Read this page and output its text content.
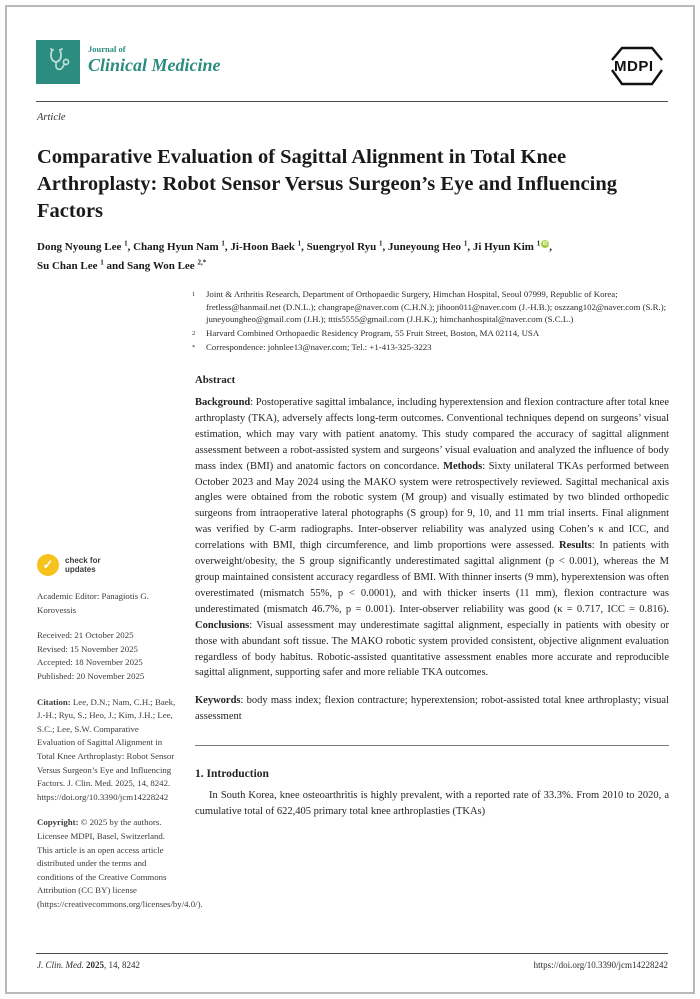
Journal of
Clinical Medicine	MDPI
Article
Comparative Evaluation of Sagittal Alignment in Total Knee Arthroplasty: Robot Sensor Versus Surgeon’s Eye and Influencing Factors

Dong Nyoung Lee $^1$, Chang Hyun Nam $^1$, Ji-Hoon Baek $^1$, Suengryol Ryu $^1$, Juneyoung Heo $^1$, Ji Hyun Kim $^1$ iD ,
Su Chan Lee $^1$ and Sang Won Lee $^{2,*}$

1	Joint & Arthritis Research, Department of Orthopaedic Surgery, Himchan Hospital, Seoul 07999, Republic of Korea; fretless@hanmail.net (D.N.L.); changrape@naver.com (C.H.N.); jihoon011@naver.com (J.-H.B.); oszzang102@naver.com (S.R.); juneyoungheo@gmail.com (J.H.); tttis5555@gmail.com (J.H.K.); himchanhospital@naver.com (S.C.L.)
2	Harvard Combined Orthopaedic Residency Program, 55 Fruit Street, Boston, MA 02114, USA
*	Correspondence: johnlee13@naver.com; Tel.: +1-413-325-3223

Abstract

Background: Postoperative sagittal imbalance, including hyperextension and flexion contracture after total knee arthroplasty (TKA), adversely affects long-term outcomes. Conventional techniques depend on surgeons’ visual estimation, which may vary with patient anatomy. This study compared the accuracy of sagittal alignment assessment between a robot-assisted system and surgeons’ visual evaluation and analyzed the influence of body mass index (BMI) and anatomic factors on concordance. Methods: Sixty unilateral TKAs performed between October 2023 and May 2024 using the MAKO system were retrospectively reviewed. Sagittal mechanical axis angles were obtained from the robotic system (M group) and visually estimated by two blinded orthopedic surgeons from intraoperative lateral photographs (S group) for 9, 10, and 11 mm trial inserts. Final alignment was verified by C-arm radiographs. Inter-observer reliability was analyzed using Cohen’s κ and ICC, and correlations with BMI, thigh circumference, and limb proportions were assessed. Results: In patients with overweight/obesity, the S group significantly underestimated sagittal alignment (p < 0.001), whereas the M group maintained consistent accuracy regardless of BMI. With thinner inserts (9 mm), hyperextension was often overestimated (mismatch 55%, p < 0.0001), and with thicker inserts (11 mm), flexion contracture was underestimated (mismatch 46.7%, p = 0.001). Inter-observer reliability was good (κ = 0.717, ICC = 0.816). Conclusions: Visual assessment may underestimate sagittal alignment, especially in patients with obesity or those with abundant soft tissue. The MAKO robotic system provided consistent, objective alignment evaluation regardless of body habitus. Robotic-assisted quantitative assessment enables more accurate and reproducible sagittal alignment, supporting safer and more reliable TKA outcomes.

Keywords: body mass index; flexion contracture; hyperextension; robot-assisted total knee arthroplasty; visual assessment

1. Introduction

In South Korea, knee osteoarthritis is highly prevalent, with a reported rate of 33.3%. From 2010 to 2020, a cumulative total of 622,405 primary total knee arthroplasties (TKAs)

✓	check for
updates
Academic Editor: Panagiotis G. Korovessis
Received: 21 October 2025
Revised: 15 November 2025
Accepted: 18 November 2025
Published: 20 November 2025
Citation: Lee, D.N.; Nam, C.H.; Baek, J.-H.; Ryu, S.; Heo, J.; Kim, J.H.; Lee, S.C.; Lee, S.W. Comparative Evaluation of Sagittal Alignment in Total Knee Arthroplasty: Robot Sensor Versus Surgeon’s Eye and Influencing Factors. J. Clin. Med. 2025, 14, 8242. https://doi.org/10.3390/jcm14228242
Copyright: © 2025 by the authors. Licensee MDPI, Basel, Switzerland. This article is an open access article distributed under the terms and conditions of the Creative Commons Attribution (CC BY) license (https://creativecommons.org/licenses/by/4.0/).
J. Clin. Med. 2025, 14, 8242	https://doi.org/10.3390/jcm14228242
